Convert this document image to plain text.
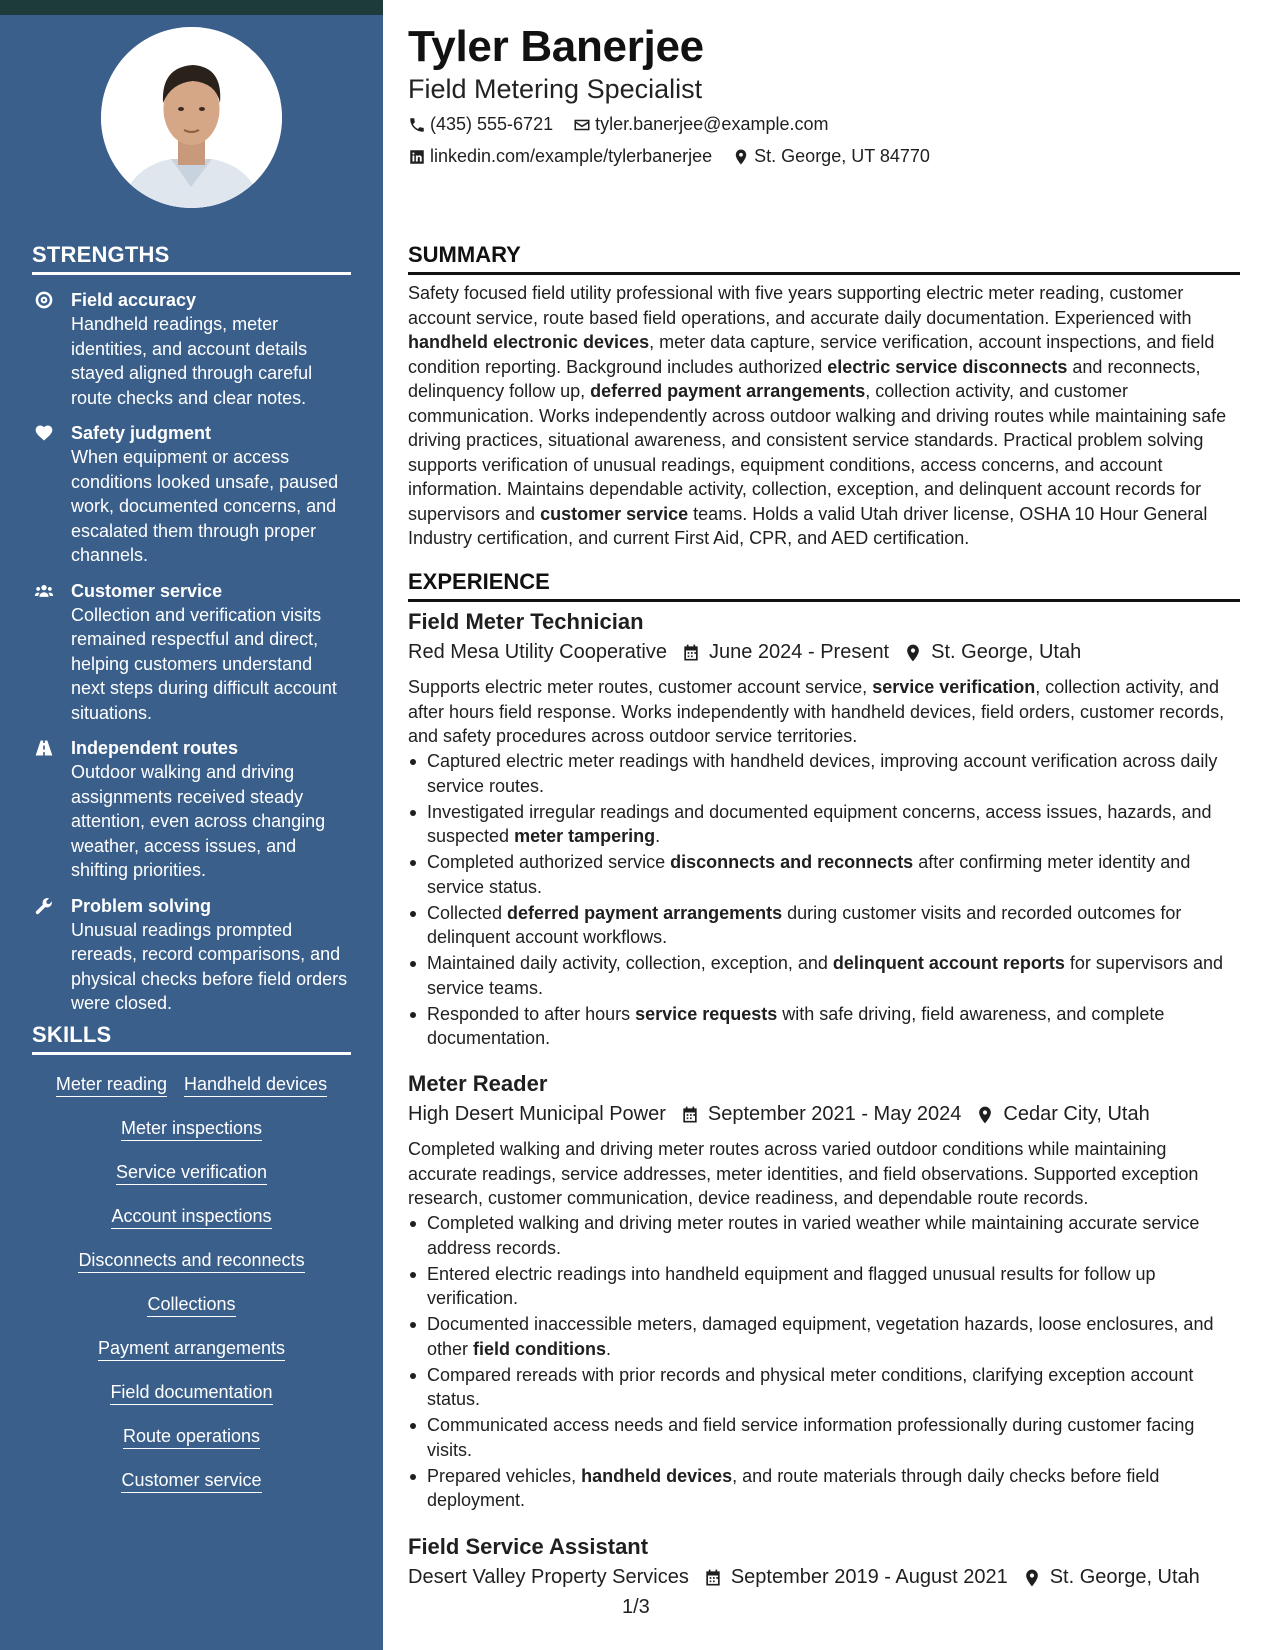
STRENGTHS
Field accuracy
Handheld readings, meter identities, and account details stayed aligned through careful route checks and clear notes.
Safety judgment
When equipment or access conditions looked unsafe, paused work, documented concerns, and escalated them through proper channels.
Customer service
Collection and verification visits remained respectful and direct, helping customers understand next steps during difficult account situations.
Independent routes
Outdoor walking and driving assignments received steady attention, even across changing weather, access issues, and shifting priorities.
Problem solving
Unusual readings prompted rereads, record comparisons, and physical checks before field orders were closed.
SKILLS
Meter reading Handheld devices
Meter inspections
Service verification
Account inspections
Disconnects and reconnects
Collections
Payment arrangements
Field documentation
Route operations
Customer service
Tyler Banerjee
Field Metering Specialist
(435) 555-6721 tyler.banerjee@example.com
linkedin.com/example/tylerbanerjee St. George, UT 84770
SUMMARY
Safety focused field utility professional with five years supporting electric meter reading, customer account service, route based field operations, and accurate daily documentation. Experienced with handheld electronic devices, meter data capture, service verification, account inspections, and field condition reporting. Background includes authorized electric service disconnects and reconnects, delinquency follow up, deferred payment arrangements, collection activity, and customer communication. Works independently across outdoor walking and driving routes while maintaining safe driving practices, situational awareness, and consistent service standards. Practical problem solving supports verification of unusual readings, equipment conditions, access concerns, and account information. Maintains dependable activity, collection, exception, and delinquent account records for supervisors and customer service teams. Holds a valid Utah driver license, OSHA 10 Hour General Industry certification, and current First Aid, CPR, and AED certification.
EXPERIENCE
Field Meter Technician
Red Mesa Utility Cooperative June 2024 - Present St. George, Utah
Supports electric meter routes, customer account service, service verification, collection activity, and after hours field response. Works independently with handheld devices, field orders, customer records, and safety procedures across outdoor service territories.
Captured electric meter readings with handheld devices, improving account verification across daily service routes.
Investigated irregular readings and documented equipment concerns, access issues, hazards, and suspected meter tampering.
Completed authorized service disconnects and reconnects after confirming meter identity and service status.
Collected deferred payment arrangements during customer visits and recorded outcomes for delinquent account workflows.
Maintained daily activity, collection, exception, and delinquent account reports for supervisors and service teams.
Responded to after hours service requests with safe driving, field awareness, and complete documentation.
Meter Reader
High Desert Municipal Power September 2021 - May 2024 Cedar City, Utah
Completed walking and driving meter routes across varied outdoor conditions while maintaining accurate readings, service addresses, meter identities, and field observations. Supported exception research, customer communication, device readiness, and dependable route records.
Completed walking and driving meter routes in varied weather while maintaining accurate service address records.
Entered electric readings into handheld equipment and flagged unusual results for follow up verification.
Documented inaccessible meters, damaged equipment, vegetation hazards, loose enclosures, and other field conditions.
Compared rereads with prior records and physical meter conditions, clarifying exception account status.
Communicated access needs and field service information professionally during customer facing visits.
Prepared vehicles, handheld devices, and route materials through daily checks before field deployment.
Field Service Assistant
Desert Valley Property Services September 2019 - August 2021 St. George, Utah
1/3
